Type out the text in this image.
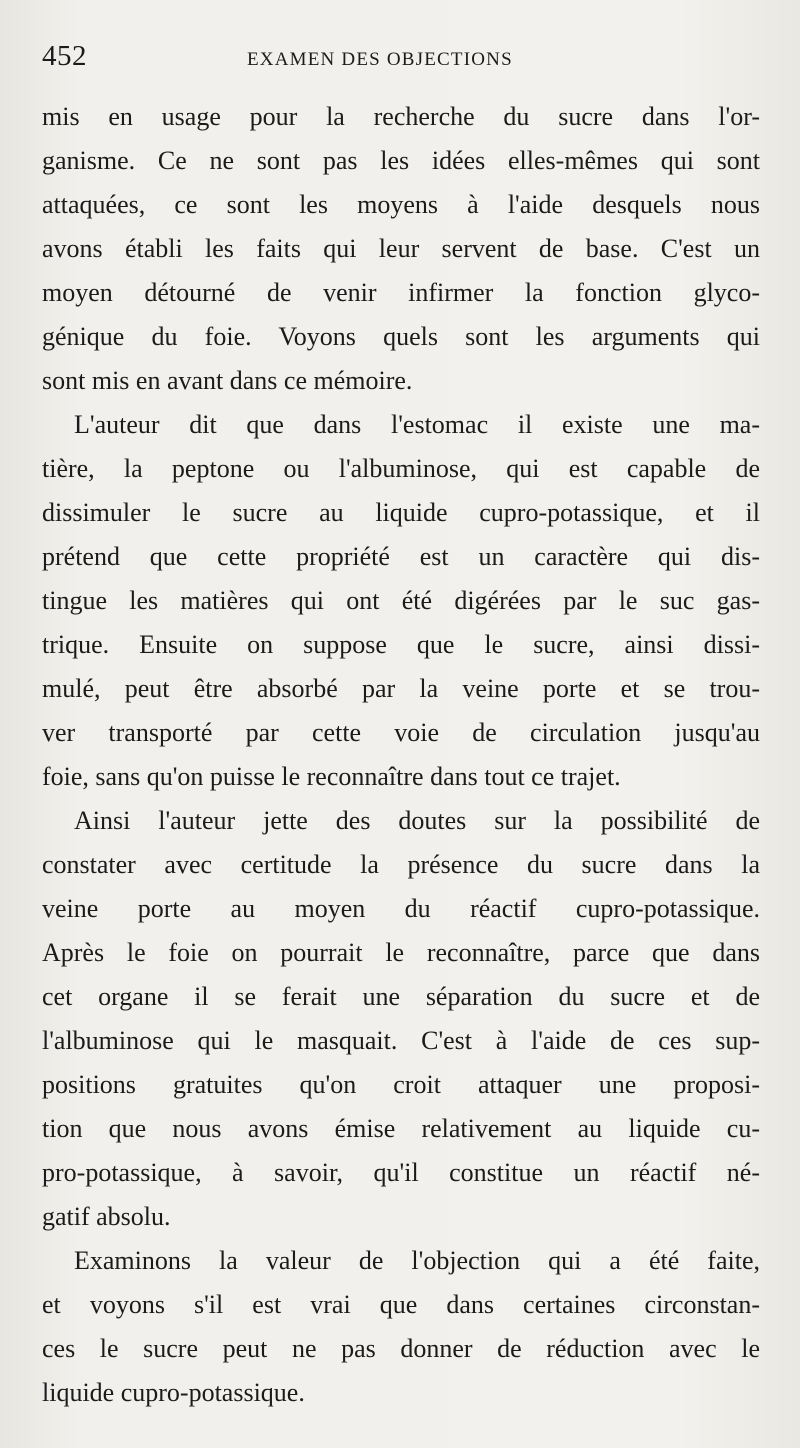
452	EXAMEN DES OBJECTIONS
mis en usage pour la recherche du sucre dans l'or-
ganisme. Ce ne sont pas les idées elles-mêmes qui sont
attaquées, ce sont les moyens à l'aide desquels nous
avons établi les faits qui leur servent de base. C'est un
moyen détourné de venir infirmer la fonction glyco-
génique du foie. Voyons quels sont les arguments qui
sont mis en avant dans ce mémoire.
L'auteur dit que dans l'estomac il existe une ma-
tière, la peptone ou l'albuminose, qui est capable de
dissimuler le sucre au liquide cupro-potassique, et il
prétend que cette propriété est un caractère qui dis-
tingue les matières qui ont été digérées par le suc gas-
trique. Ensuite on suppose que le sucre, ainsi dissi-
mulé, peut être absorbé par la veine porte et se trou-
ver transporté par cette voie de circulation jusqu'au
foie, sans qu'on puisse le reconnaître dans tout ce trajet.
Ainsi l'auteur jette des doutes sur la possibilité de
constater avec certitude la présence du sucre dans la
veine porte au moyen du réactif cupro-potassique.
Après le foie on pourrait le reconnaître, parce que dans
cet organe il se ferait une séparation du sucre et de
l'albuminose qui le masquait. C'est à l'aide de ces sup-
positions gratuites qu'on croit attaquer une proposi-
tion que nous avons émise relativement au liquide cu-
pro-potassique, à savoir, qu'il constitue un réactif né-
gatif absolu.
Examinons la valeur de l'objection qui a été faite,
et voyons s'il est vrai que dans certaines circonstan-
ces le sucre peut ne pas donner de réduction avec le
liquide cupro-potassique.
